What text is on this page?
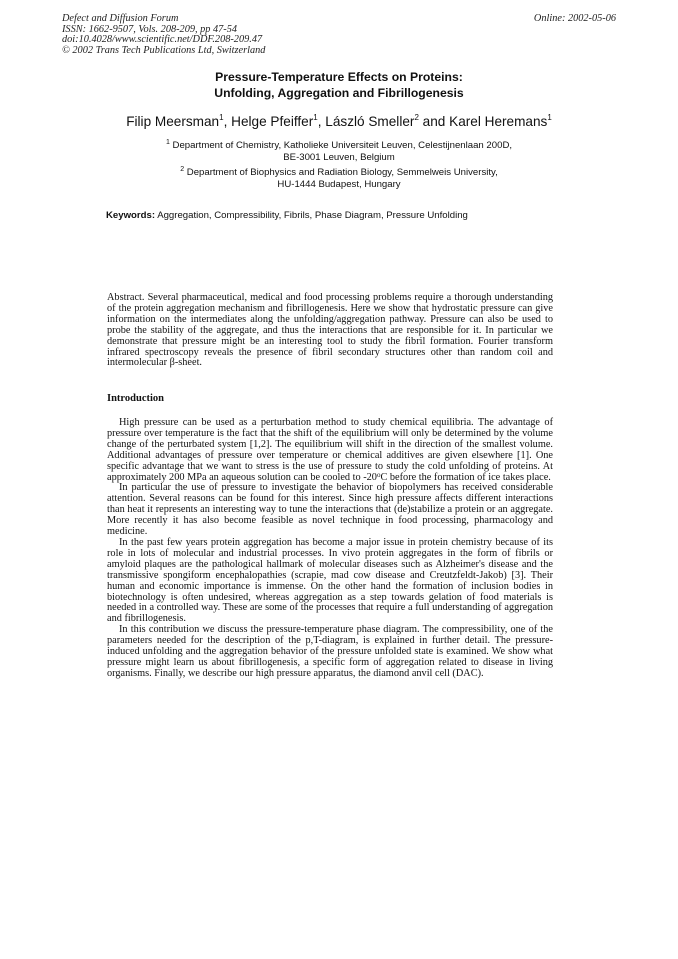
Defect and Diffusion Forum
ISSN: 1662-9507, Vols. 208-209, pp 47-54
doi:10.4028/www.scientific.net/DDF.208-209.47
© 2002 Trans Tech Publications Ltd, Switzerland
Online: 2002-05-06
Pressure-Temperature Effects on Proteins:
Unfolding, Aggregation and Fibrillogenesis
Filip Meersman$^1$, Helge Pfeiffer$^1$, László Smeller$^2$ and Karel Heremans$^1$
$^1$ Department of Chemistry, Katholieke Universiteit Leuven, Celestijnenlaan 200D,
BE-3001 Leuven, Belgium
$^2$ Department of Biophysics and Radiation Biology, Semmelweis University,
HU-1444 Budapest, Hungary
Keywords: Aggregation, Compressibility, Fibrils, Phase Diagram, Pressure Unfolding
Abstract. Several pharmaceutical, medical and food processing problems require a thorough understanding of the protein aggregation mechanism and fibrillogenesis. Here we show that hydrostatic pressure can give information on the intermediates along the unfolding/aggregation pathway. Pressure can also be used to probe the stability of the aggregate, and thus the interactions that are responsible for it. In particular we demonstrate that pressure might be an interesting tool to study the fibril formation. Fourier transform infrared spectroscopy reveals the presence of fibril secondary structures other than random coil and intermolecular β-sheet.
Introduction

High pressure can be used as a perturbation method to study chemical equilibria. The advantage of pressure over temperature is the fact that the shift of the equilibrium will only be determined by the volume change of the perturbated system [1,2]. The equilibrium will shift in the direction of the smallest volume. Additional advantages of pressure over temperature or chemical additives are given elsewhere [1]. One specific advantage that we want to stress is the use of pressure to study the cold unfolding of proteins. At approximately 200 MPa an aqueous solution can be cooled to -20$^o$C before the formation of ice takes place.

In particular the use of pressure to investigate the behavior of biopolymers has received considerable attention. Several reasons can be found for this interest. Since high pressure affects different interactions than heat it represents an interesting way to tune the interactions that (de)stabilize a protein or an aggregate. More recently it has also become feasible as novel technique in food processing, pharmacology and medicine.

In the past few years protein aggregation has become a major issue in protein chemistry because of its role in lots of molecular and industrial processes. In vivo protein aggregates in the form of fibrils or amyloid plaques are the pathological hallmark of molecular diseases such as Alzheimer's disease and the transmissive spongiform encephalopathies (scrapie, mad cow disease and Creutzfeldt-Jakob) [3]. Their human and economic importance is immense. On the other hand the formation of inclusion bodies in biotechnology is often undesired, whereas aggregation as a step towards gelation of food materials is needed in a controlled way. These are some of the processes that require a full understanding of aggregation and fibrillogenesis.

In this contribution we discuss the pressure-temperature phase diagram. The compressibility, one of the parameters needed for the description of the p,T-diagram, is explained in further detail. The pressure-induced unfolding and the aggregation behavior of the pressure unfolded state is examined. We show what pressure might learn us about fibrillogenesis, a specific form of aggregation related to disease in living organisms. Finally, we describe our high pressure apparatus, the diamond anvil cell (DAC).
